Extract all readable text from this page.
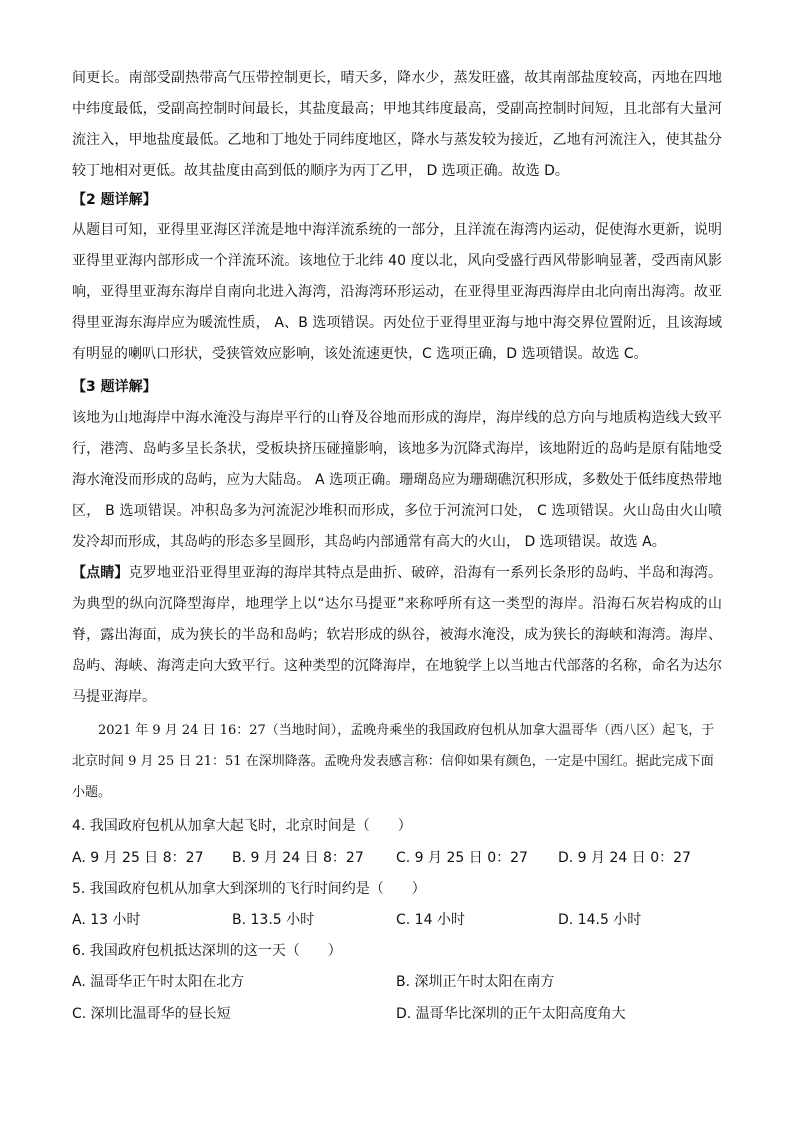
间更长。南部受副热带高气压带控制更长，晴天多，降水少，蒸发旺盛，故其南部盐度较高，丙地在四地中纬度最低，受副高控制时间最长，其盐度最高；甲地其纬度最高，受副高控制时间短，且北部有大量河流注入，甲地盐度最低。乙地和丁地处于同纬度地区，降水与蒸发较为接近，乙地有河流注入，使其盐分较丁地相对更低。故其盐度由高到低的顺序为丙丁乙甲， D 选项正确。故选 D。

【2 题详解】

从题目可知，亚得里亚海区洋流是地中海洋流系统的一部分，且洋流在海湾内运动，促使海水更新，说明亚得里亚海内部形成一个洋流环流。该地位于北纬 40 度以北，风向受盛行西风带影响显著，受西南风影响，亚得里亚海东海岸自南向北进入海湾，沿海湾环形运动，在亚得里亚海西海岸由北向南出海湾。故亚得里亚海东海岸应为暖流性质， A、B 选项错误。丙处位于亚得里亚海与地中海交界位置附近，且该海域有明显的喇叭口形状，受狭管效应影响，该处流速更快，C 选项正确，D 选项错误。故选 C。

【3 题详解】

该地为山地海岸中海水淹没与海岸平行的山脊及谷地而形成的海岸，海岸线的总方向与地质构造线大致平行，港湾、岛屿多呈长条状，受板块挤压碰撞影响，该地多为沉降式海岸，该地附近的岛屿是原有陆地受海水淹没而形成的岛屿，应为大陆岛。 A 选项正确。珊瑚岛应为珊瑚礁沉积形成，多数处于低纬度热带地区， B 选项错误。冲积岛多为河流泥沙堆积而形成，多位于河流河口处， C 选项错误。火山岛由火山喷发冷却而形成，其岛屿的形态多呈圆形，其岛屿内部通常有高大的火山， D 选项错误。故选 A。

【点睛】克罗地亚沿亚得里亚海的海岸其特点是曲折、破碎，沿海有一系列长条形的岛屿、半岛和海湾。为典型的纵向沉降型海岸，地理学上以“达尔马提亚”来称呼所有这一类型的海岸。沿海石灰岩构成的山脊，露出海面，成为狭长的半岛和岛屿；软岩形成的纵谷，被海水淹没，成为狭长的海峡和海湾。海岸、岛屿、海峡、海湾走向大致平行。这种类型的沉降海岸，在地貌学上以当地古代部落的名称，命名为达尔马提亚海岸。

2021 年 9 月 24 日 16：27（当地时间），孟晚舟乘坐的我国政府包机从加拿大温哥华（西八区）起飞，于北京时间 9 月 25 日 21：51 在深圳降落。孟晚舟发表感言称：信仰如果有颜色，一定是中国红。据此完成下面小题。

4. 我国政府包机从加拿大起飞时，北京时间是（　　）

A. 9 月 25 日 8：27 B. 9 月 24 日 8：27 C. 9 月 25 日 0：27 D. 9 月 24 日 0：27

5. 我国政府包机从加拿大到深圳的飞行时间约是（　　）

A. 13 小时	B. 13.5 小时	C. 14 小时	D. 14.5 小时

6. 我国政府包机抵达深圳的这一天（　　）

A. 温哥华正午时太阳在北方	B. 深圳正午时太阳在南方

C. 深圳比温哥华的昼长短	D. 温哥华比深圳的正午太阳高度角大
